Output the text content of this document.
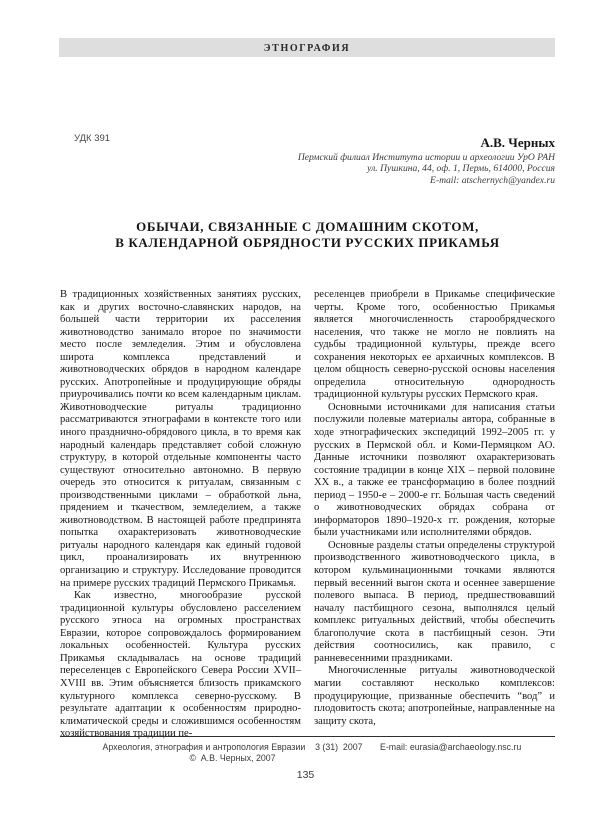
ЭТНОГРАФИЯ
УДК 391	А.В. Черных
Пермский филиал Института истории и археологии УрО РАН
ул. Пушкина, 44, оф. 1, Пермь, 614000, Россия
E-mail: atschernych@yandex.ru
ОБЫЧАИ, СВЯЗАННЫЕ С ДОМАШНИМ СКОТОМ,
В КАЛЕНДАРНОЙ ОБРЯДНОСТИ РУССКИХ ПРИКАМЬЯ

В традиционных хозяйственных занятиях русских, как и других восточно-славянских народов, на большей части территории их расселения животноводство занимало второе по значимости место после земледелия. Этим и обусловлена широта комплекса представлений и животноводческих обрядов в народном календаре русских. Апотропейные и продуцирующие обряды приурочивались почти ко всем календарным циклам. Животноводческие ритуалы традиционно рассматриваются этнографами в контексте того или иного празднично-обрядового цикла, в то время как народный календарь представляет собой сложную структуру, в которой отдельные компоненты часто существуют относительно автономно. В первую очередь это относится к ритуалам, связанным с производственными циклами – обработкой льна, прядением и ткачеством, земледелием, а также животноводством. В настоящей работе предпринята попытка охарактеризовать животноводческие ритуалы народного календаря как единый годовой цикл, проанализировать их внутреннюю организацию и структуру. Исследование проводится на примере русских традиций Пермского Прикамья.

Как известно, многообразие русской традиционной культуры обусловлено расселением русского этноса на огромных пространствах Евразии, которое сопровождалось формированием локальных особенностей. Культура русских Прикамья складывалась на основе традиций переселенцев с Европейского Севера России XVII–XVIII вв. Этим объясняется близость прикамского культурного комплекса северно-русскому. В результате адаптации к особенностям природно-климатической среды и сложившимся особенностям хозяйствования традиции пе-

реселенцев приобрели в Прикамье специфические черты. Кроме того, особенностью Прикамья является многочисленность старообрядческого населения, что также не могло не повлиять на судьбы традиционной культуры, прежде всего сохранения некоторых ее архаичных комплексов. В целом общность северно-русской основы населения определила относительную однородность традиционной культуры русских Пермского края.

Основными источниками для написания статьи послужили полевые материалы автора, собранные в ходе этнографических экспедиций 1992–2005 гг. у русских в Пермской обл. и Коми-Пермяцком АО. Данные источники позволяют охарактеризовать состояние традиции в конце XIX – первой половине XX в., а также ее трансформацию в более поздний период – 1950-е – 2000-е гг. Бо́льшая часть сведений о животноводческих обрядах собрана от информаторов 1890–1920-х гг. рождения, которые были участниками или исполнителями обрядов.

Основные разделы статьи определены структурой производственного животноводческого цикла, в котором кульминационными точками являются первый весенний выгон скота и осеннее завершение полевого выпаса. В период, предшествовавший началу пастбищного сезона, выполнялся целый комплекс ритуальных действий, чтобы обеспечить благополучие скота в пастбищный сезон. Эти действия соотносились, как правило, с ранневесенними праздниками.

Многочисленные ритуалы животноводческой магии составляют несколько комплексов: продуцирующие, призванные обеспечить “вод” и плодовитость скота; апотропейные, направленные на защиту скота,

Археология, этнография и антропология Евразии    3 (31)  2007
©  А.В. Черных, 2007
E-mail: eurasia@archaeology.nsc.ru
135
